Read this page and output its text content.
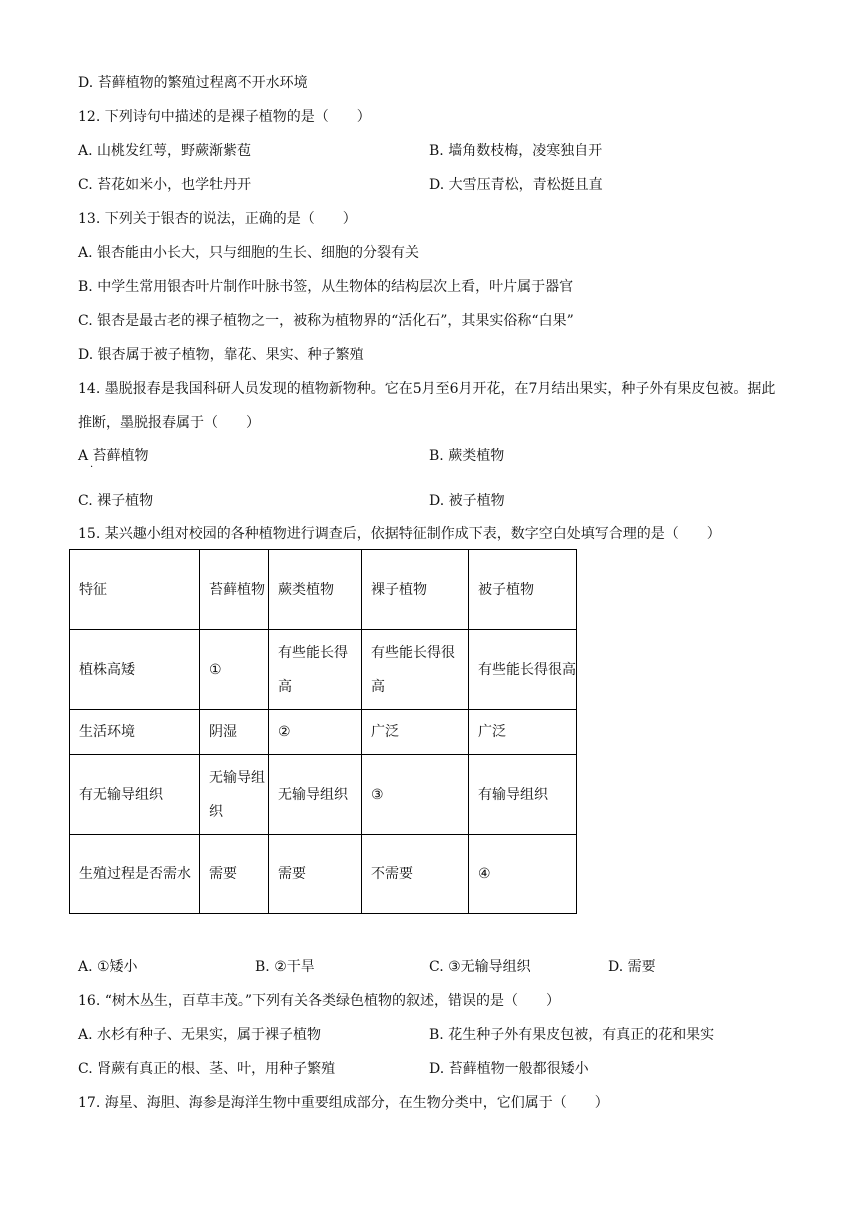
D. 苔藓植物的繁殖过程离不开水环境
12. 下列诗句中描述的是裸子植物的是（　　）
A. 山桃发红萼，野蕨渐紫苞	B. 墙角数枝梅，凌寒独自开
C. 苔花如米小，也学牡丹开	D. 大雪压青松，青松挺且直
13. 下列关于银杏的说法，正确的是（　　）
A. 银杏能由小长大，只与细胞的生长、细胞的分裂有关
B. 中学生常用银杏叶片制作叶脉书签，从生物体的结构层次上看，叶片属于器官
C. 银杏是最古老的裸子植物之一，被称为植物界的“活化石”，其果实俗称“白果”
D. 银杏属于被子植物，靠花、果实、种子繁殖
14. 墨脱报春是我国科研人员发现的植物新物种。它在5月至6月开花，在7月结出果实，种子外有果皮包被。据此推断，墨脱报春属于（　　）
A 苔藓植物
·
B. 蕨类植物
C. 裸子植物	D. 被子植物
15. 某兴趣小组对校园的各种植物进行调查后，依据特征制作成下表，数字空白处填写合理的是（　　）
特征	苔藓植物	蕨类植物	裸子植物	被子植物
植株高矮	①	有些能长得高	有些能长得很高	有些能长得很高
生活环境	阴湿	②	广泛	广泛
有无输导组织	无输导组织	无输导组织	③	有输导组织
生殖过程是否需水	需要	需要	不需要	④
A. ①矮小	B. ②干旱	C. ③无输导组织	D. 需要
16. “树木丛生，百草丰茂。”下列有关各类绿色植物的叙述，错误的是（　　）
A. 水杉有种子、无果实，属于裸子植物	B. 花生种子外有果皮包被，有真正的花和果实
C. 肾蕨有真正的根、茎、叶，用种子繁殖	D. 苔藓植物一般都很矮小
17. 海星、海胆、海参是海洋生物中重要组成部分，在生物分类中，它们属于（　　）
